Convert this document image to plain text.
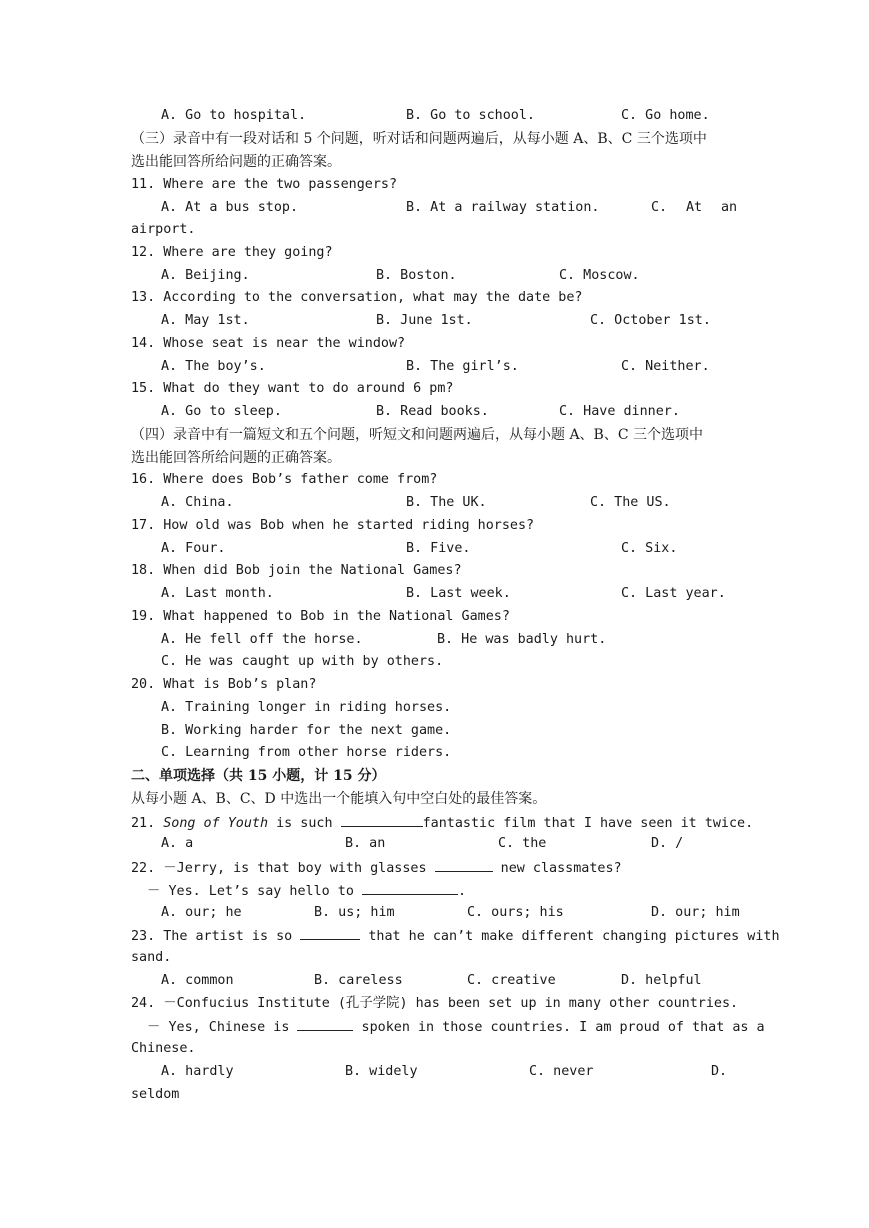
A. Go to hospital.	B. Go to school.	C. Go home.
（三）录音中有一段对话和 5 个问题，听对话和问题两遍后，从每小题 A、B、C 三个选项中
选出能回答所给问题的正确答案。
11. Where are the two passengers?
A. At a bus stop.	B. At a railway station.	C. At an
airport.
12. Where are they going?
A. Beijing.	B. Boston.	C. Moscow.
13. According to the conversation, what may the date be?
A. May 1st.	B. June 1st.	C. October 1st.
14. Whose seat is near the window?
A. The boy’s.	B. The girl’s.	C. Neither.
15. What do they want to do around 6 pm?
A. Go to sleep.	B. Read books.	C. Have dinner.
（四）录音中有一篇短文和五个问题，听短文和问题两遍后，从每小题 A、B、C 三个选项中
选出能回答所给问题的正确答案。
16. Where does Bob’s father come from?
A. China.	B. The UK.	C. The US.
17. How old was Bob when he started riding horses?
A. Four.	B. Five.	C. Six.
18. When did Bob join the National Games?
A. Last month.	B. Last week.	C. Last year.
19. What happened to Bob in the National Games?
A. He fell off the horse.	B. He was badly hurt.
C. He was caught up with by others.
20. What is Bob’s plan?
A. Training longer in riding horses.
B. Working harder for the next game.
C. Learning from other horse riders.
二、单项选择（共 15 小题，计 15 分）
从每小题 A、B、C、D 中选出一个能填入句中空白处的最佳答案。
21. Song of Youth is such	fantastic film that I have seen it twice.
A. a	B. an	C. the	D. /
22. －Jerry, is that boy with glasses	new classmates?
－ Yes. Let’s say hello to	.
A. our; he	B. us; him	C. ours; his	D. our; him
23. The artist is so	that he can’t make different changing pictures with
sand.
A. common	B. careless	C. creative	D. helpful
24. －Confucius Institute (孔子学院) has been set up in many other countries.
－ Yes, Chinese is	spoken in those countries. I am proud of that as a
Chinese.
A. hardly	B. widely	C. never	D.
seldom
